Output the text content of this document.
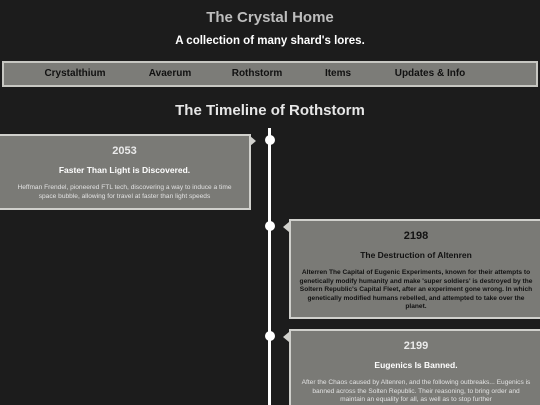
The Crystal Home
A collection of many shard's lores.
Crystalthium	Avaerum	Rothstorm	Items	Updates & Info
The Timeline of Rothstorm
2053
Faster Than Light is Discovered.
Heffman Frendel, pioneered FTL tech, discovering a way to induce a time space bubble, allowing for travel at faster than light speeds
2198
The Destruction of Altenren
Alterren The Capital of Eugenic Experiments, known for their attempts to genetically modify humanity and make 'super soldiers' is destroyed by the Soltern Republic's Capital Fleet, after an experiment gone wrong. In which genetically modified humans rebelled, and attempted to take over the planet.
2199
Eugenics Is Banned.
After the Chaos caused by Altenren, and the following outbreaks... Eugenics is banned across the Solten Republic. Their reasoning, to bring order and maintain an equality for all, as well as to stop further
